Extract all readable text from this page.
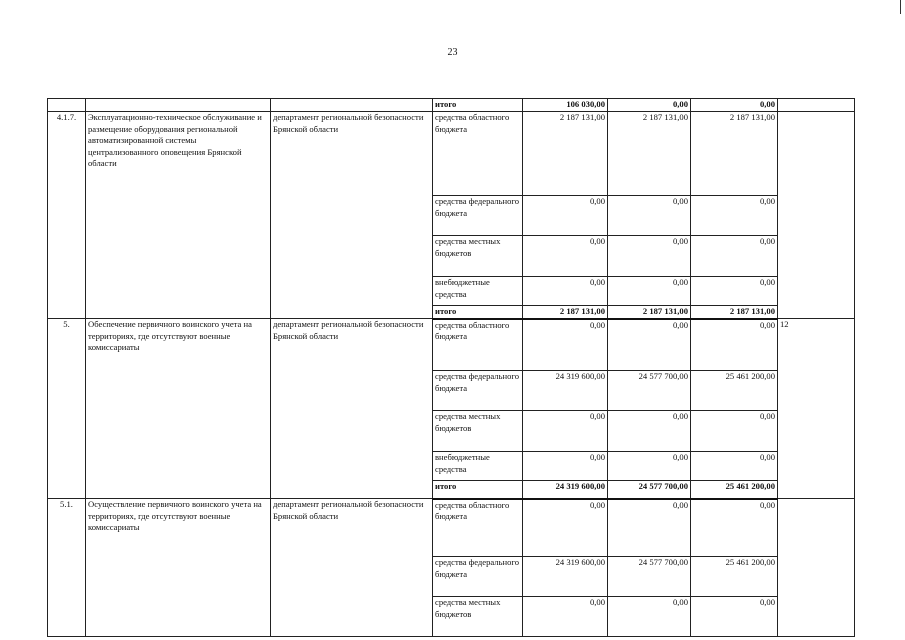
23
			итого	106 030,00	0,00	0,00	
4.1.7.	Эксплуатационно-техническое обслуживание и размещение оборудования региональной автоматизированной системы централизованного оповещения Брянской области	департамент региональной безопасности Брянской области	средства областного бюджета	2 187 131,00	2 187 131,00	2 187 131,00	
			средства федерального бюджета	0,00	0,00	0,00	
			средства местных бюджетов	0,00	0,00	0,00	
			внебюджетные средства	0,00	0,00	0,00	
			итого	2 187 131,00	2 187 131,00	2 187 131,00	
5.	Обеспечение первичного воинского учета на территориях, где отсутствуют военные комиссариаты	департамент региональной безопасности Брянской области	средства областного бюджета	0,00	0,00	0,00	12
			средства федерального бюджета	24 319 600,00	24 577 700,00	25 461 200,00	
			средства местных бюджетов	0,00	0,00	0,00	
			внебюджетные средства	0,00	0,00	0,00	
			итого	24 319 600,00	24 577 700,00	25 461 200,00	
5.1.	Осуществление первичного воинского учета на территориях, где отсутствуют военные комиссариаты	департамент региональной безопасности Брянской области	средства областного бюджета	0,00	0,00	0,00	
			средства федерального бюджета	24 319 600,00	24 577 700,00	25 461 200,00	
			средства местных бюджетов	0,00	0,00	0,00	
